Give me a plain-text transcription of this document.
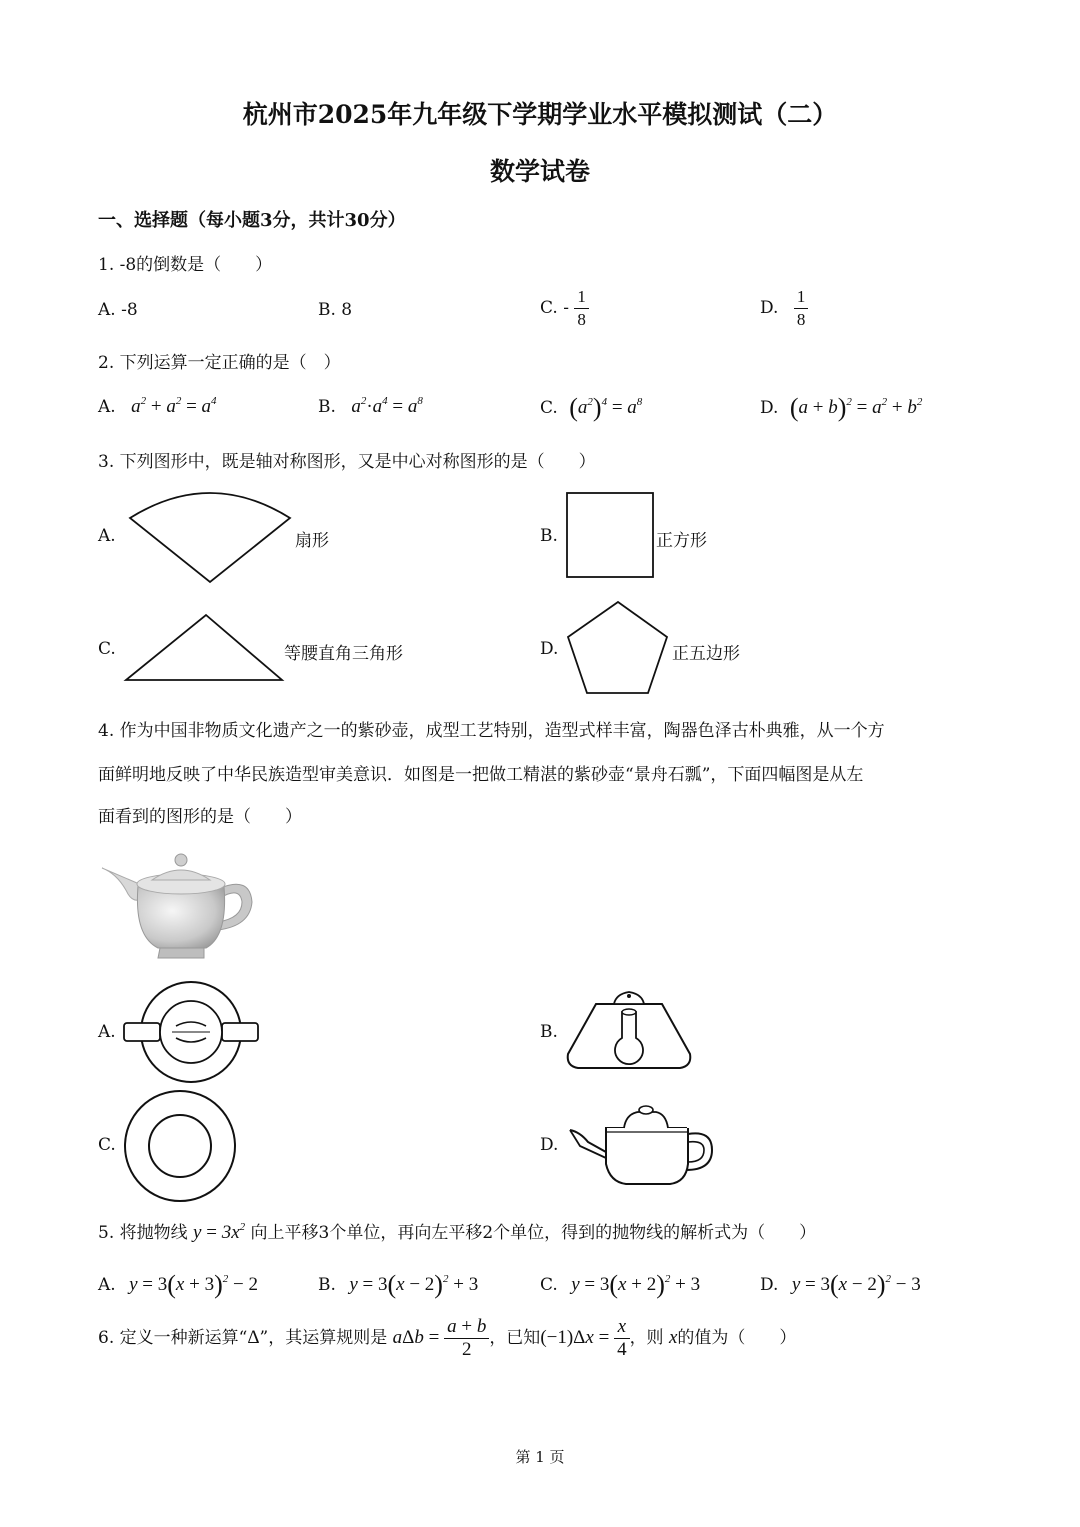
杭州市2025年九年级下学期学业水平模拟测试（二）
数学试卷
一、选择题（每小题3分，共计30分）
1. -8的倒数是（　　）
A. -8	B. 8	C. - $\frac{1}{8}$	D. $\frac{1}{8}$
2. 下列运算一定正确的是（　）
A. $a^2 + a^2 = a^4$	B. $a^2\cdot a^4 = a^8$	C. $(a^2)^4 = a^8$	D. $(a + b)^2 = a^2 + b^2$
3. 下列图形中，既是轴对称图形，又是中心对称图形的是（　　）
A.	扇形	B.	正方形
C.	等腰直角三角形	D.	正五边形
4. 作为中国非物质文化遗产之一的紫砂壶，成型工艺特别，造型式样丰富，陶器色泽古朴典雅，从一个方
面鲜明地反映了中华民族造型审美意识．如图是一把做工精湛的紫砂壶“景舟石瓢”，下面四幅图是从左
面看到的图形的是（　　）
A.	B.
C.	D.
5. 将抛物线 $y = 3x^2$ 向上平移3个单位，再向左平移2个单位，得到的抛物线的解析式为（　　）
A. $y = 3(x + 3)^2 - 2$	B. $y = 3(x - 2)^2 + 3$	C. $y = 3(x + 2)^2 + 3$	D. $y = 3(x - 2)^2 - 3$
6. 定义一种新运算“Δ”，其运算规则是 $a\Delta b = \frac{a + b}{2}$ ，已知$(-1)\Delta x = \frac{x}{4}$ ，则 x的值为（　　）
第 1 页
